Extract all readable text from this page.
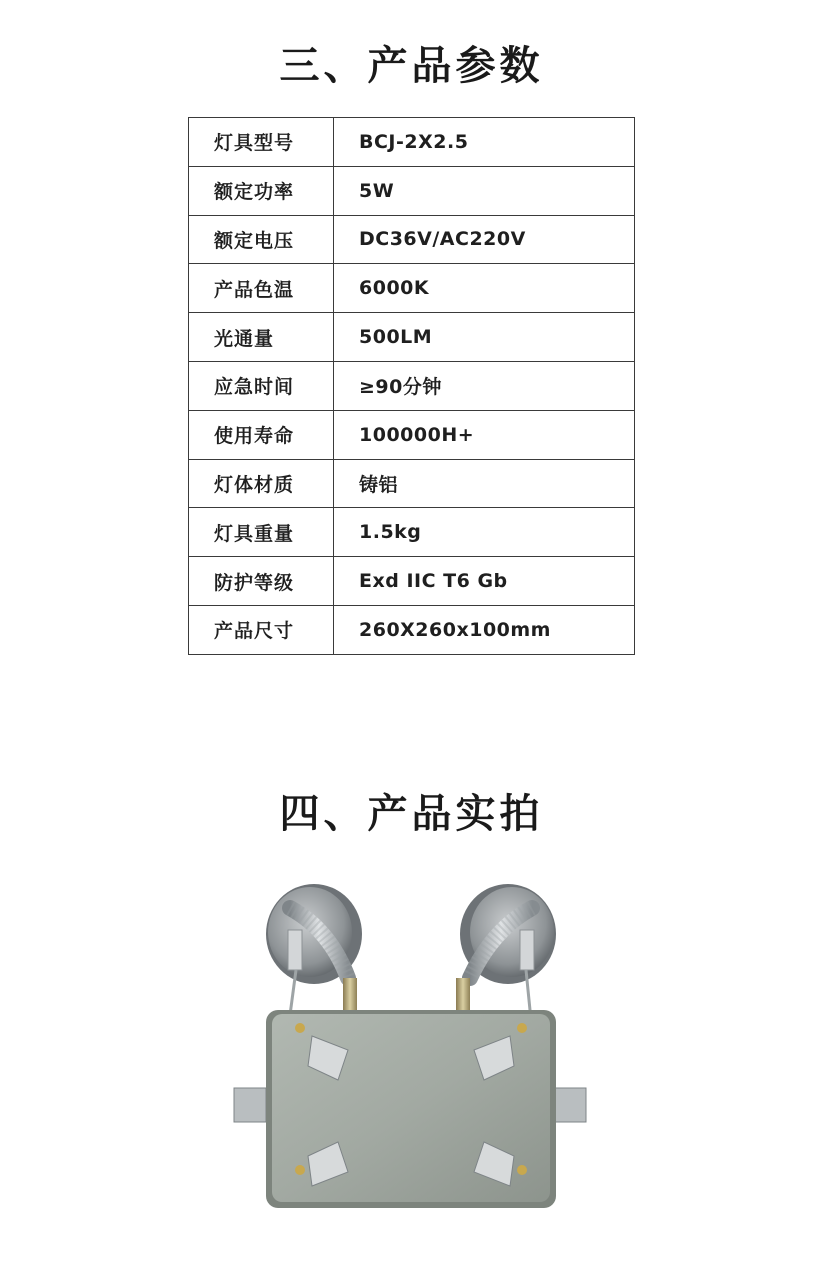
三、产品参数
灯具型号	BCJ-2X2.5
额定功率	5W
额定电压	DC36V/AC220V
产品色温	6000K
光通量	500LM
应急时间	≥90分钟
使用寿命	100000H+
灯体材质	铸铝
灯具重量	1.5kg
防护等级	Exd IIC T6 Gb
产品尺寸	260X260x100mm
四、产品实拍
